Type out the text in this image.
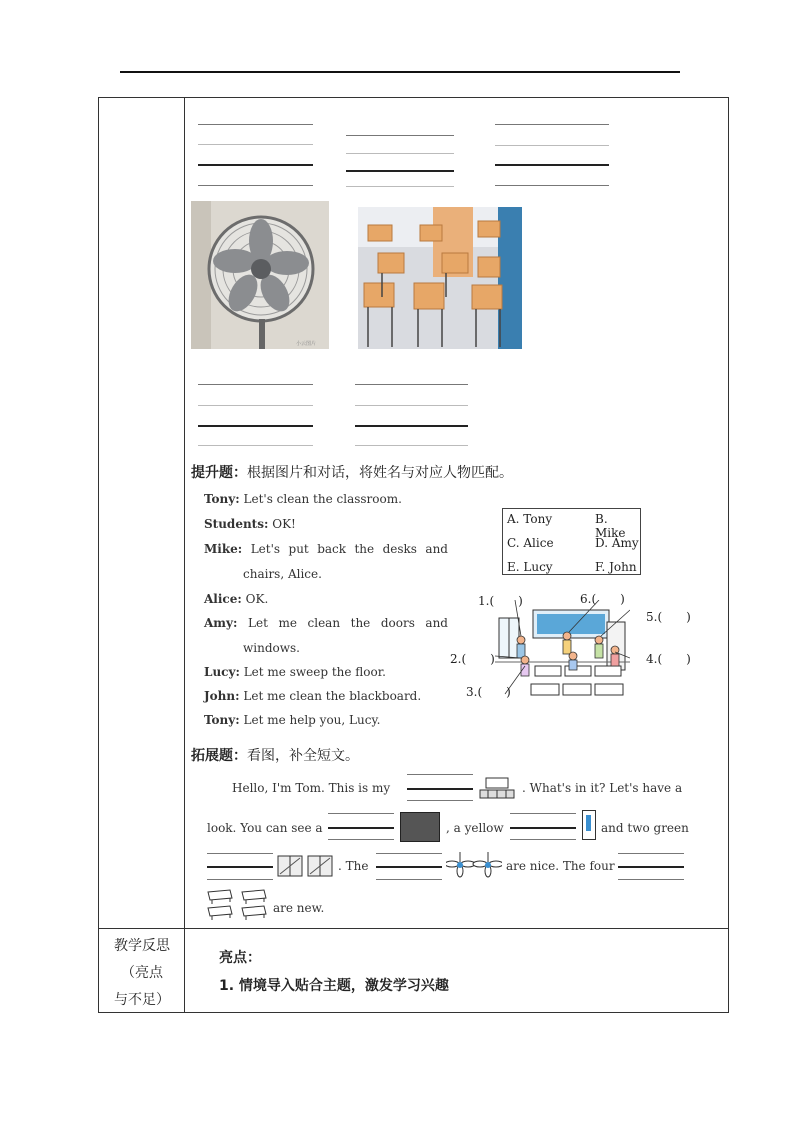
小云图片
提升题：根据图片和对话，将姓名与对应人物匹配。
Tony: Let's clean the classroom.
Students: OK!
Mike: Let's put back the desks and
chairs, Alice.
Alice: OK.
Amy: Let me clean the doors and
windows.
Lucy: Let me sweep the floor.
John: Let me clean the blackboard.
Tony: Let me help you, Lucy.
A. Tony	B. Mike
C. Alice	D. Amy
E. Lucy	F. John
1.(　　)	6.(　　)
5.(　　)
2.(　　)	4.(　　)
3.(　　)
拓展题：看图，补全短文。
Hello, I'm Tom. This is my	. What's in it? Let's have a
look. You can see a	, a yellow	and two green
. The	are nice. The four
are new.
教学反思
（亮点
与不足）
亮点：
1. 情境导入贴合主题，激发学习兴趣
